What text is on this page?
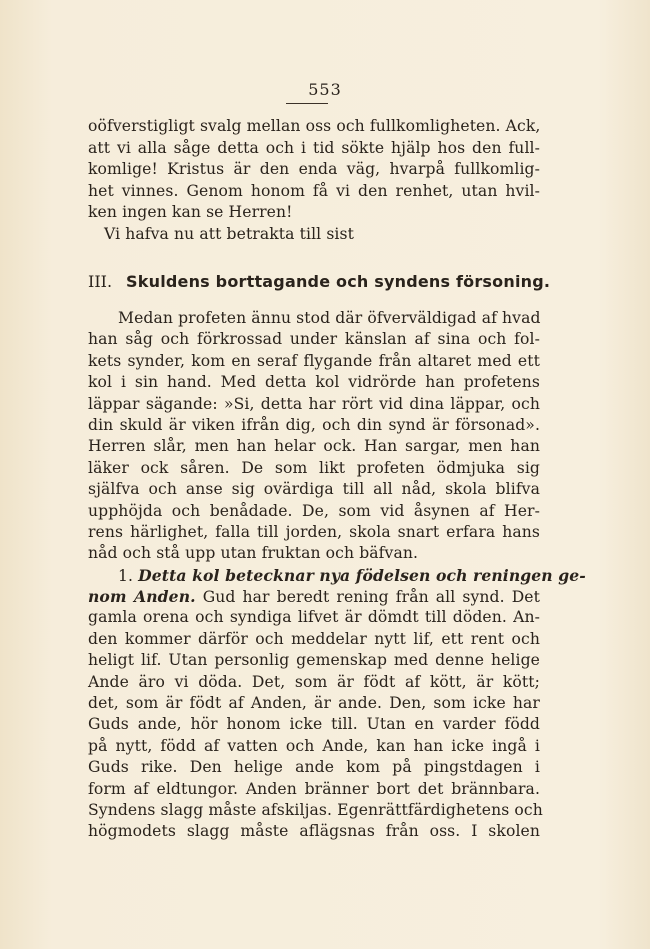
553
oöfverstigligt svalg mellan oss och fullkomligheten. Ack,
att vi alla såge detta och i tid sökte hjälp hos den full-
komlige! Kristus är den enda väg, hvarpå fullkomlig-
het vinnes. Genom honom få vi den renhet, utan hvil-
ken ingen kan se Herren!
Vi hafva nu att betrakta till sist
III. Skuldens borttagande och syndens försoning.
Medan profeten ännu stod där öfverväldigad af hvad
han såg och förkrossad under känslan af sina och fol-
kets synder, kom en seraf flygande från altaret med ett
kol i sin hand. Med detta kol vidrörde han profetens
läppar sägande: »Si, detta har rört vid dina läppar, och
din skuld är viken ifrån dig, och din synd är försonad».
Herren slår, men han helar ock. Han sargar, men han
läker ock såren. De som likt profeten ödmjuka sig
själfva och anse sig ovärdiga till all nåd, skola blifva
upphöjda och benådade. De, som vid åsynen af Her-
rens härlighet, falla till jorden, skola snart erfara hans
nåd och stå upp utan fruktan och bäfvan.
1. Detta kol betecknar nya födelsen och reningen ge-
nom Anden. Gud har beredt rening från all synd. Det
gamla orena och syndiga lifvet är dömdt till döden. An-
den kommer därför och meddelar nytt lif, ett rent och
heligt lif. Utan personlig gemenskap med denne helige
Ande äro vi döda. Det, som är födt af kött, är kött;
det, som är födt af Anden, är ande. Den, som icke har
Guds ande, hör honom icke till. Utan en varder född
på nytt, född af vatten och Ande, kan han icke ingå i
Guds rike. Den helige ande kom på pingstdagen i
form af eldtungor. Anden bränner bort det brännbara.
Syndens slagg måste afskiljas. Egenrättfärdighetens och
högmodets slagg måste aflägsnas från oss. I skolen
